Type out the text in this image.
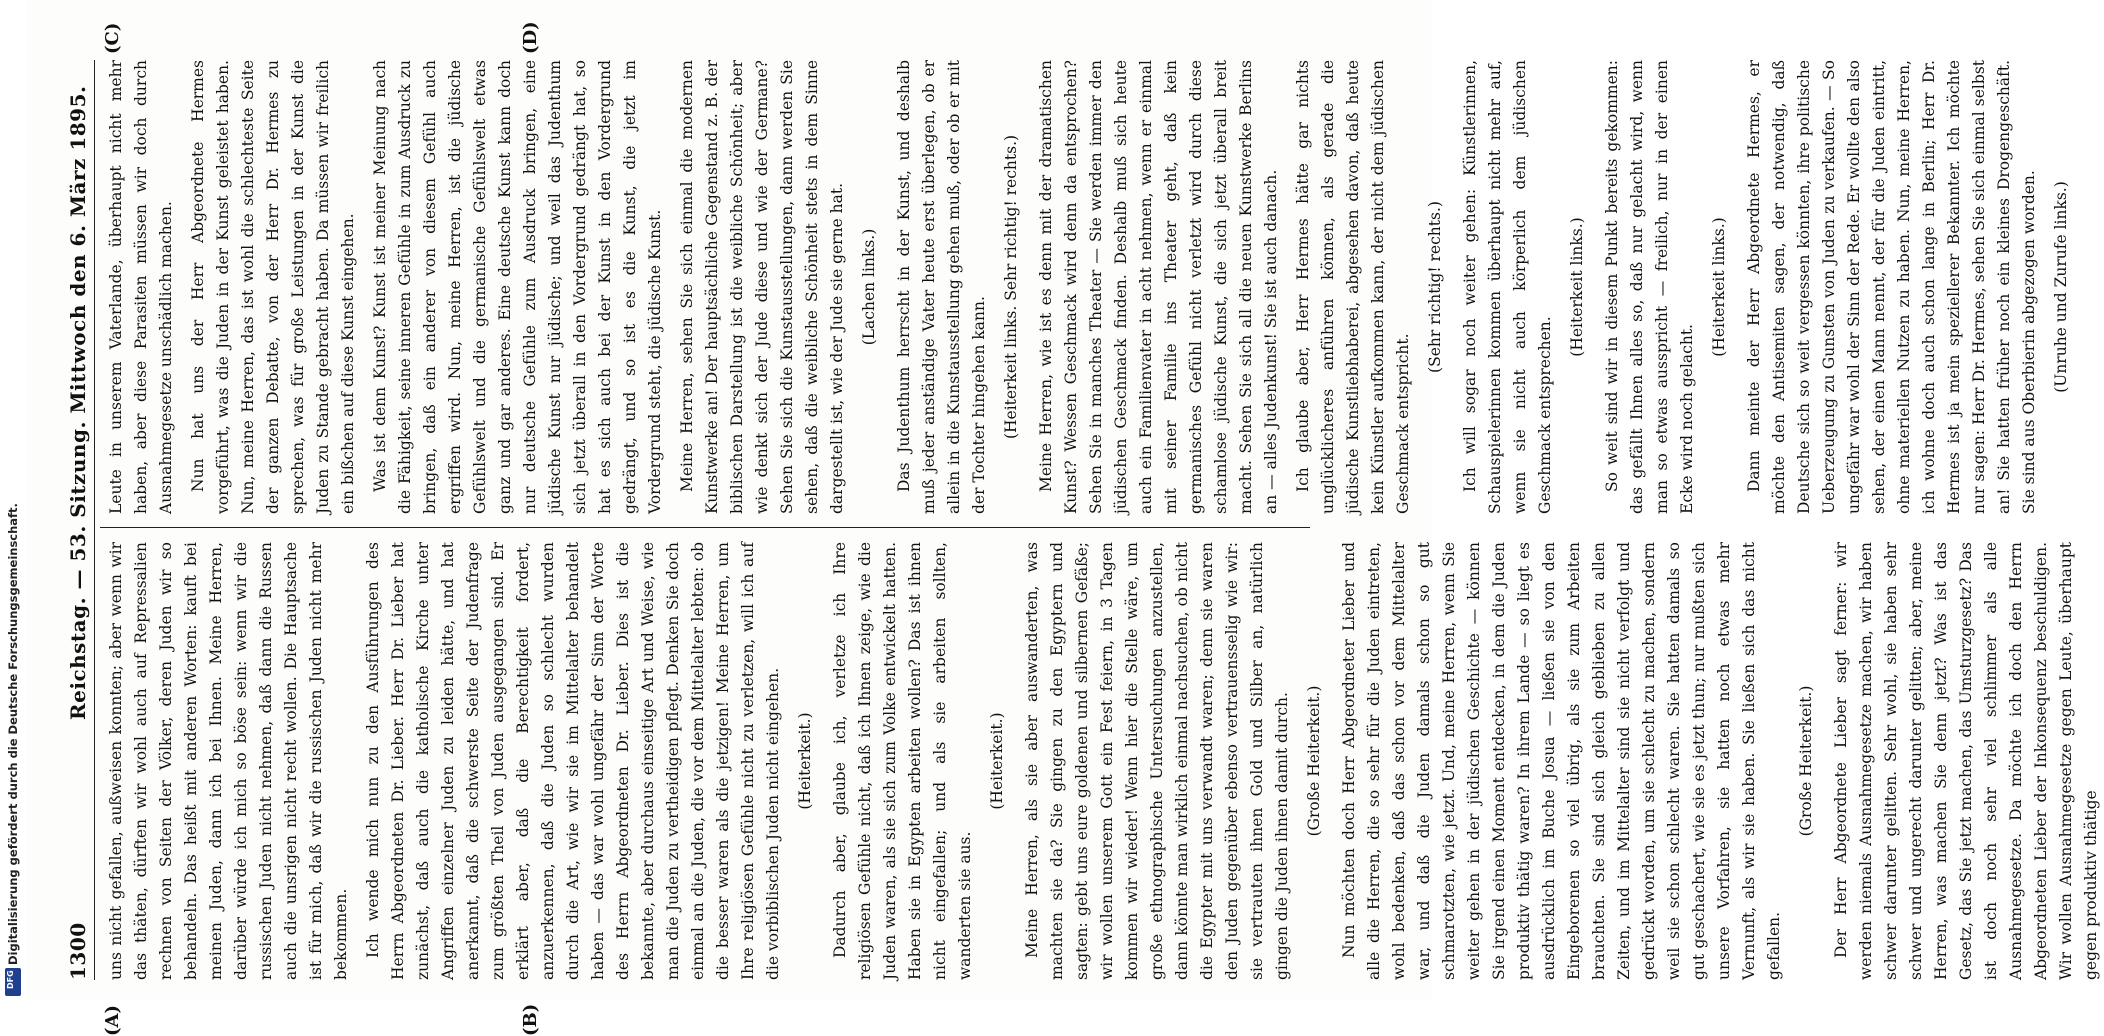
1300
Reichstag. — 53. Sitzung. Mittwoch den 6. März 1895.
(A)	(B)
(C)	(D)

uns nicht gefallen, außweisen konnten; aber wenn wir das thäten, dürften wir wohl auch auf Repressalien rechnen von Seiten der Völker, deren Juden wir so behandeln. Das heißt mit anderen Worten: kauft bei meinen Juden, dann ich bei Ihnen. Meine Herren, darüber würde ich mich so böse sein: wenn wir die russischen Juden nicht nehmen, daß dann die Russen auch die unsrigen nicht recht wollen. Die Hauptsache ist für mich, daß wir die russischen Juden nicht mehr bekommen. Ich wende mich nun zu den Ausführungen des Herrn Abgeordneten Dr. Lieber. Herr Dr. Lieber hat zunächst, daß auch die katholische Kirche unter Angriffen einzelner Juden zu leiden hätte, und hat anerkannt, daß die schwerste Seite der Judenfrage zum größten Theil von Juden ausgegangen sind. Er erklärt aber, daß die Berechtigkeit fordert, anzuerkennen, daß die Juden so schlecht wurden durch die Art, wie wir sie im Mittelalter behandelt haben — das war wohl ungefähr der Sinn der Worte des Herrn Abgeordneten Dr. Lieber. Dies ist die bekannte, aber durchaus einseitige Art und Weise, wie man die Juden zu vertheidigen pflegt. Denken Sie doch einmal an die Juden, die vor dem Mittelalter lebten: ob die besser waren als die jetzigen! Meine Herren, um Ihre religiösen Gefühle nicht zu verletzen, will ich auf die vorbiblischen Juden nicht eingehen. (Heiterkeit.) Dadurch aber, glaube ich, verletze ich Ihre religiösen Gefühle nicht, daß ich Ihnen zeige, wie die Juden waren, als sie sich zum Volke entwickelt hatten. Haben sie in Egypten arbeiten wollen? Das ist ihnen nicht eingefallen; und als sie arbeiten sollten, wanderten sie aus.

(Heiterkeit.) Meine Herren, als sie aber auswanderten, was machten sie da? Sie gingen zu den Egyptern und sagten: gebt uns eure goldenen und silbernen Gefäße; wir wollen unserem Gott ein Fest feiern, in 3 Tagen kommen wir wieder! Wenn hier die Stelle wäre, um große ethnographische Untersuchungen anzustellen, dann könnte man wirklich einmal nachsuchen, ob nicht die Egypter mit uns verwandt waren; denn sie waren den Juden gegenüber ebenso vertrauensselig wie wir: sie vertrauten ihnen Gold und Silber an, natürlich gingen die Juden ihnen damit durch. (Große Heiterkeit.) Nun möchten doch Herr Abgeordneter Lieber und alle die Herren, die so sehr für die Juden eintreten, wohl bedenken, daß das schon vor dem Mittelalter war, und daß die Juden damals schon so gut schmarotzten, wie jetzt. Und, meine Herren, wenn Sie weiter gehen in der jüdischen Geschichte — können Sie irgend einen Moment entdecken, in dem die Juden produktiv thätig waren? In ihrem Lande — so liegt es ausdrücklich im Buche Josua — ließen sie von den Eingeborenen so viel übrig, als sie zum Arbeiten brauchten. Sie sind sich gleich geblieben zu allen Zeiten, und im Mittelalter sind sie nicht verfolgt und gedrückt worden, um sie schlecht zu machen, sondern weil sie schon schlecht waren. Sie hatten damals so gut geschachert, wie sie es jetzt thun; nur mußten sich unsere Vorfahren, sie hatten noch etwas mehr Vernunft, als wir sie haben. Sie ließen sich das nicht gefallen.

(Große Heiterkeit.) Der Herr Abgeordnete Lieber sagt ferner: wir werden niemals Ausnahmegesetze machen, wir haben schwer darunter gelitten. Sehr wohl, sie haben sehr schwer und ungerecht darunter gelitten; aber, meine Herren, was machen Sie denn jetzt? Was ist das Gesetz, das Sie jetzt machen, das Umsturzgesetz? Das ist doch noch sehr viel schlimmer als alle Ausnahmegesetze. Da möchte ich doch den Herrn Abgeordneten Lieber der Inkonsequenz beschuldigen. Wir wollen Ausnahmegesetze gegen Leute, überhaupt gegen produktiv thätige

Leute in unserem Vaterlande, überhaupt nicht mehr haben, aber diese Parasiten müssen wir doch durch Ausnahmegesetze unschädlich machen. Nun hat uns der Herr Abgeordnete Hermes vorgeführt, was die Juden in der Kunst geleistet haben. Nun, meine Herren, das ist wohl die schlechteste Seite der ganzen Debatte, von der Herr Dr. Hermes zu sprechen, was für große Leistungen in der Kunst die Juden zu Stande gebracht haben. Da müssen wir freilich ein bißchen auf diese Kunst eingehen. Was ist denn Kunst? Kunst ist meiner Meinung nach die Fähigkeit, seine inneren Gefühle in zum Ausdruck zu bringen, daß ein anderer von diesem Gefühl auch ergriffen wird. Nun, meine Herren, ist die jüdische Gefühlswelt und die germanische Gefühlswelt etwas ganz und gar anderes. Eine deutsche Kunst kann doch nur deutsche Gefühle zum Ausdruck bringen, eine jüdische Kunst nur jüdische; und weil das Judenthum sich jetzt überall in den Vordergrund gedrängt hat, so hat es sich auch bei der Kunst in den Vordergrund gedrängt, und so ist es die Kunst, die jetzt im Vordergrund steht, die jüdische Kunst. Meine Herren, sehen Sie sich einmal die modernen Kunstwerke an! Der hauptsächliche Gegenstand z. B. der biblischen Darstellung ist die weibliche Schönheit; aber wie denkt sich der Jude diese und wie der Germane? Sehen Sie sich die Kunstausstellungen, dann werden Sie sehen, daß die weibliche Schönheit stets in dem Sinne dargestellt ist, wie der Jude sie gerne hat. (Lachen links.) Das Judenthum herrscht in der Kunst, und deshalb muß jeder anständige Vater heute erst überlegen, ob er allein in die Kunstausstellung gehen muß, oder ob er mit der Tochter hingehen kann. (Heiterkeit links. Sehr richtig! rechts.) Meine Herren, wie ist es denn mit der dramatischen Kunst? Wessen Geschmack wird denn da entsprochen? Sehen Sie in manches Theater — Sie werden immer den jüdischen Geschmack finden. Deshalb muß sich heute auch ein Familienvater in acht nehmen, wenn er einmal mit seiner Familie ins Theater geht, daß kein germanisches Gefühl nicht verletzt wird durch diese schamlose jüdische Kunst, die sich jetzt überall breit macht. Sehen Sie sich all die neuen Kunstwerke Berlins an — alles Judenkunst! Sie ist auch danach. Ich glaube aber, Herr Hermes hätte gar nichts unglücklicheres anführen können, als gerade die jüdische Kunstliebhaberei, abgesehen davon, daß heute kein Künstler aufkommen kann, der nicht dem jüdischen Geschmack entspricht.

(Sehr richtig! rechts.) Ich will sogar noch weiter gehen: Künstlerinnen, Schauspielerinnen kommen überhaupt nicht mehr auf, wenn sie nicht auch körperlich dem jüdischen Geschmack entsprechen.

(Heiterkeit links.) So weit sind wir in diesem Punkt bereits gekommen: das gefällt Ihnen alles so, daß nur gelacht wird, wenn man so etwas ausspricht — freilich, nur in der einen Ecke wird noch gelacht.

(Heiterkeit links.) Dann meinte der Herr Abgeordnete Hermes, er möchte den Antisemiten sagen, der notwendig, daß Deutsche sich so weit vergessen könnten, ihre politische Ueberzeugung zu Gunsten von Juden zu verkaufen. — So ungefähr war wohl der Sinn der Rede. Er wollte den also sehen, der einen Mann nennt, der für die Juden eintritt, ohne materiellen Nutzen zu haben. Nun, meine Herren, ich wohne doch auch schon lange in Berlin; Herr Dr. Hermes ist ja mein speziellerer Bekannter. Ich möchte nur sagen: Herr Dr. Hermes, sehen Sie sich einmal selbst an! Sie hatten früher noch ein kleines Drogengeschäft. Sie sind aus Oberbierin abgezogen worden. (Unruhe und Zurufe links.)

Digitalisierung gefördert durch die Deutsche Forschungsgemeinschaft.
DFG
